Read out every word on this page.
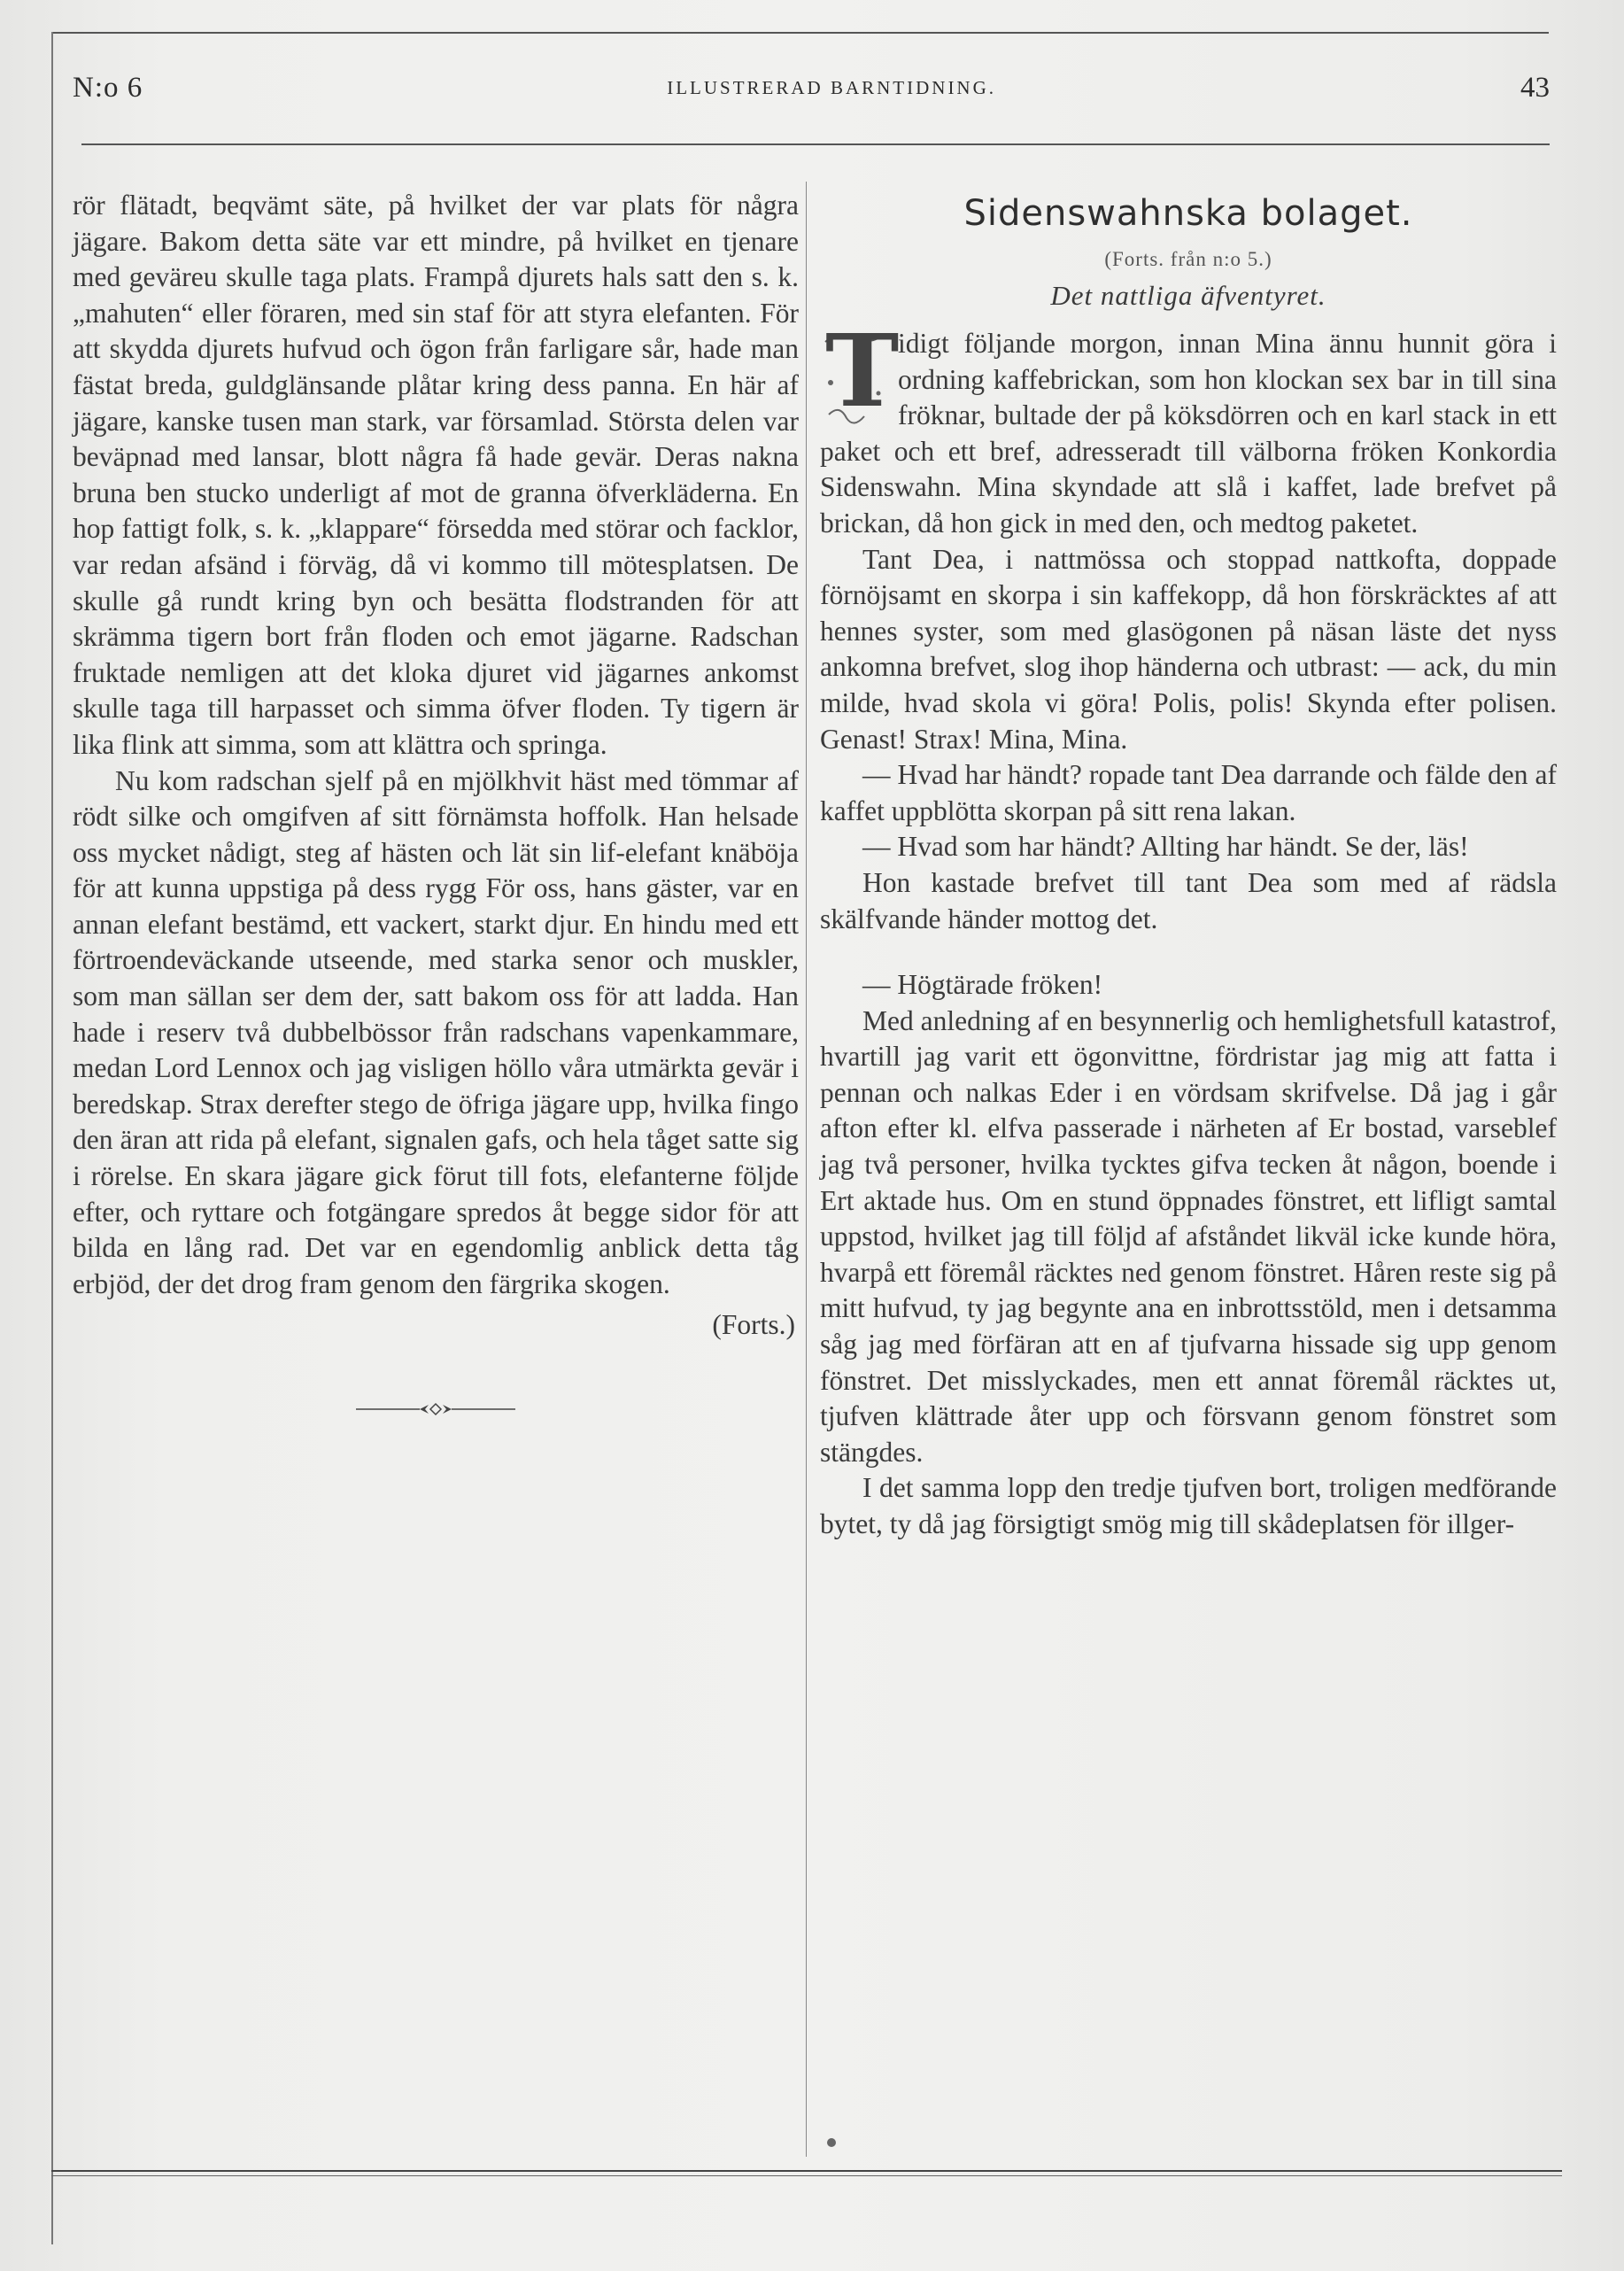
N:o 6	ILLUSTRERAD BARNTIDNING.	43

rör flätadt, beqvämt säte, på hvilket der var plats för några jägare. Bakom detta säte var ett mindre, på hvilket en tjenare med geväreu skulle taga plats. Frampå djurets hals satt den s. k. „mahuten“ eller föraren, med sin staf för att styra elefanten. För att skydda djurets hufvud och ögon från farligare sår, hade man fästat breda, guldglänsande plåtar kring dess panna. En här af jägare, kanske tusen man stark, var församlad. Största delen var beväpnad med lansar, blott några få hade gevär. Deras nakna bruna ben stucko underligt af mot de granna öfverkläderna. En hop fattigt folk, s. k. „klappare“ försedda med störar och facklor, var redan afsänd i förväg, då vi kommo till mötesplatsen. De skulle gå rundt kring byn och besätta flodstranden för att skrämma tigern bort från floden och emot jägarne. Radschan fruktade nemligen att det kloka djuret vid jägarnes ankomst skulle taga till harpasset och simma öfver floden. Ty tigern är lika flink att simma, som att klättra och springa.

Nu kom radschan sjelf på en mjölkhvit häst med tömmar af rödt silke och omgifven af sitt förnämsta hoffolk. Han helsade oss mycket nådigt, steg af hästen och lät sin lif-elefant knäböja för att kunna uppstiga på dess rygg För oss, hans gäster, var en annan elefant bestämd, ett vackert, starkt djur. En hindu med ett förtroendeväckande utseende, med starka senor och muskler, som man sällan ser dem der, satt bakom oss för att ladda. Han hade i reserv två dubbelbössor från radschans vapenkammare, medan Lord Lennox och jag visligen höllo våra utmärkta gevär i beredskap. Strax derefter stego de öfriga jägare upp, hvilka fingo den äran att rida på elefant, signalen gafs, och hela tåget satte sig i rörelse. En skara jägare gick förut till fots, elefanterne följde efter, och ryttare och fotgängare spredos åt begge sidor för att bilda en lång rad. Det var en egendomlig anblick detta tåg erbjöd, der det drog fram genom den färgrika skogen.

(Forts.)

Sidenswahnska bolaget.
(Forts. från n:o 5.)
Det nattliga äfventyret.
T

idigt följande morgon, innan Mina ännu hunnit göra i ordning kaffebrickan, som hon klockan sex bar in till sina fröknar, bultade der på köksdörren och en karl stack in ett paket och ett bref, adresseradt till välborna fröken Konkordia Sidenswahn. Mina skyndade att slå i kaffet, lade brefvet på brickan, då hon gick in med den, och medtog paketet.

Tant Dea, i nattmössa och stoppad nattkofta, doppade förnöjsamt en skorpa i sin kaffekopp, då hon förskräcktes af att hennes syster, som med glasögonen på näsan läste det nyss ankomna brefvet, slog ihop händerna och utbrast: — ack, du min milde, hvad skola vi göra! Polis, polis! Skynda efter polisen. Genast! Strax! Mina, Mina.

— Hvad har händt? ropade tant Dea darrande och fälde den af kaffet uppblötta skorpan på sitt rena lakan.

— Hvad som har händt? Allting har händt. Se der, läs!

Hon kastade brefvet till tant Dea som med af rädsla skälfvande händer mottog det.

— Högtärade fröken!

Med anledning af en besynnerlig och hemlighetsfull katastrof, hvartill jag varit ett ögonvittne, fördristar jag mig att fatta i pennan och nalkas Eder i en vördsam skrifvelse. Då jag i går afton efter kl. elfva passerade i närheten af Er bostad, varseblef jag två personer, hvilka tycktes gifva tecken åt någon, boende i Ert aktade hus. Om en stund öppnades fönstret, ett lifligt samtal uppstod, hvilket jag till följd af afståndet likväl icke kunde höra, hvarpå ett föremål räcktes ned genom fönstret. Håren reste sig på mitt hufvud, ty jag begynte ana en inbrottsstöld, men i detsamma såg jag med förfäran att en af tjufvarna hissade sig upp genom fönstret. Det misslyckades, men ett annat föremål räcktes ut, tjufven klättrade åter upp och försvann genom fönstret som stängdes.

I det samma lopp den tredje tjufven bort, troligen medförande bytet, ty då jag försigtigt smög mig till skådeplatsen för illger-
